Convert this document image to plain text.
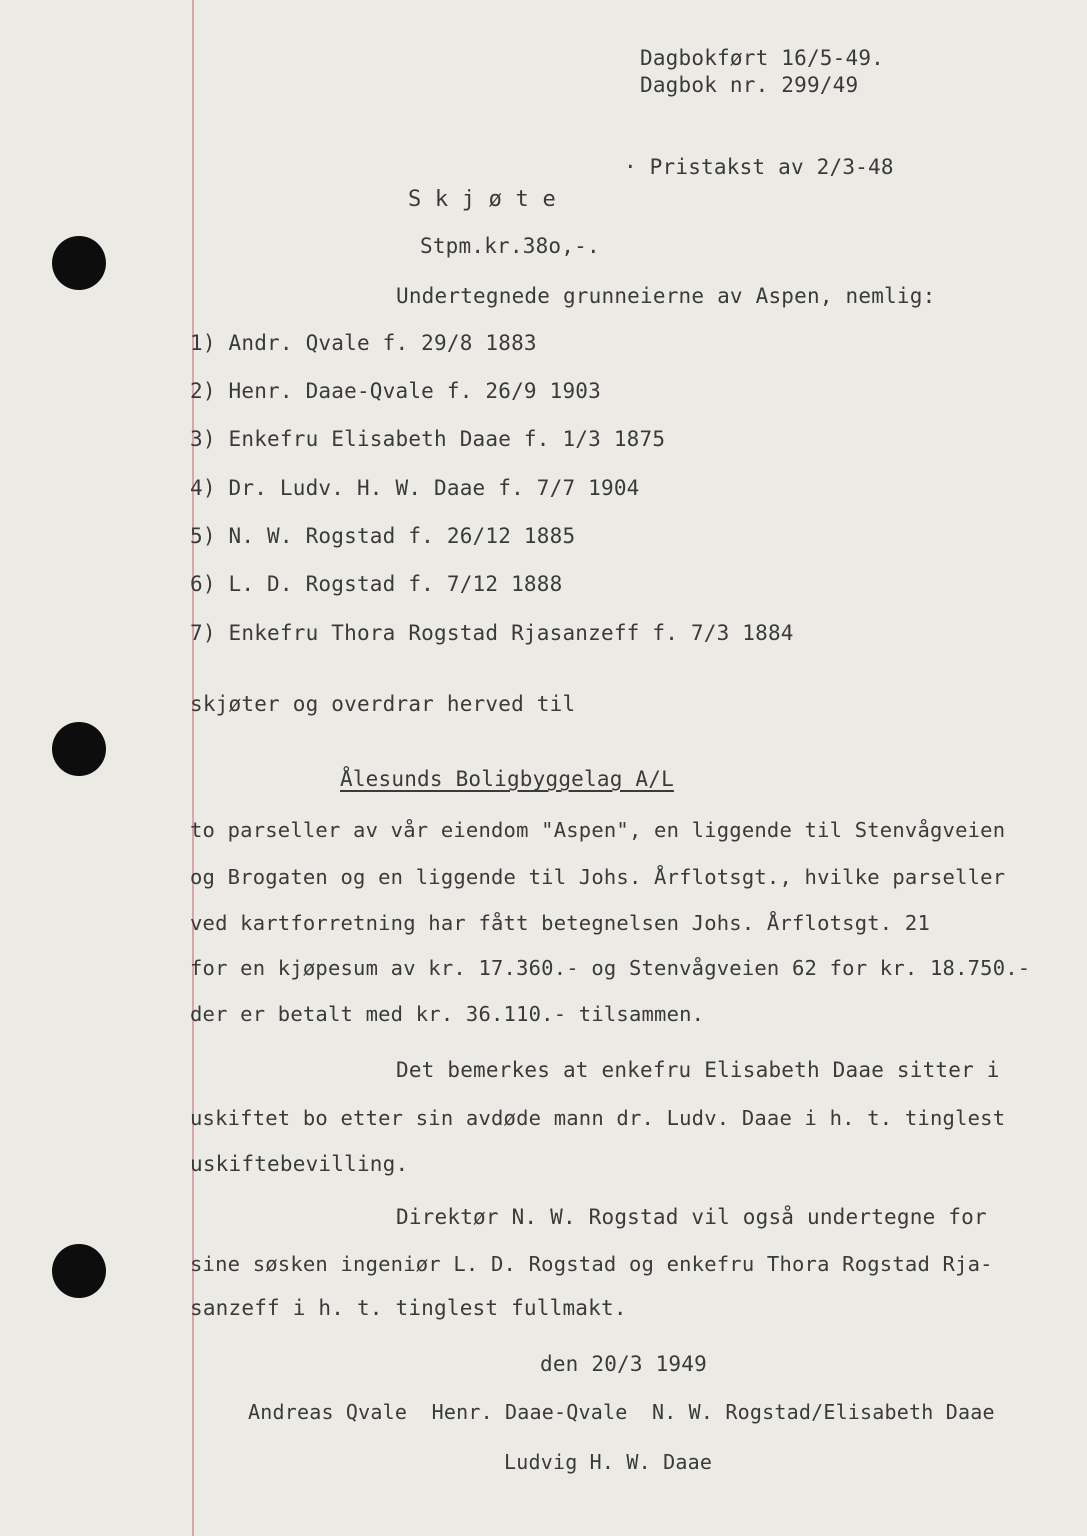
Dagbokført 16/5-49.
Dagbok nr. 299/49
· Pristakst av 2/3-48
S k j ø t e
Stpm.kr.38o,-.
Undertegnede grunneierne av Aspen, nemlig:
1) Andr. Qvale f. 29/8 1883
2) Henr. Daae-Qvale f. 26/9 1903
3) Enkefru Elisabeth Daae f. 1/3 1875
4) Dr. Ludv. H. W. Daae f. 7/7 1904
5) N. W. Rogstad f. 26/12 1885
6) L. D. Rogstad f. 7/12 1888
7) Enkefru Thora Rogstad Rjasanzeff f. 7/3 1884
skjøter og overdrar herved til
Ålesunds Boligbyggelag A/L
to parseller av vår eiendom "Aspen", en liggende til Stenvågveien
og Brogaten og en liggende til Johs. Årflotsgt., hvilke parseller
ved kartforretning har fått betegnelsen Johs. Årflotsgt. 21
for en kjøpesum av kr. 17.360.- og Stenvågveien 62 for kr. 18.750.-
der er betalt med kr. 36.110.- tilsammen.
Det bemerkes at enkefru Elisabeth Daae sitter i
uskiftet bo etter sin avdøde mann dr. Ludv. Daae i h. t. tinglest
uskiftebevilling.
Direktør N. W. Rogstad vil også undertegne for
sine søsken ingeniør L. D. Rogstad og enkefru Thora Rogstad Rja-
sanzeff i h. t. tinglest fullmakt.
den 20/3 1949
Andreas Qvale  Henr. Daae-Qvale  N. W. Rogstad/Elisabeth Daae
Ludvig H. W. Daae
